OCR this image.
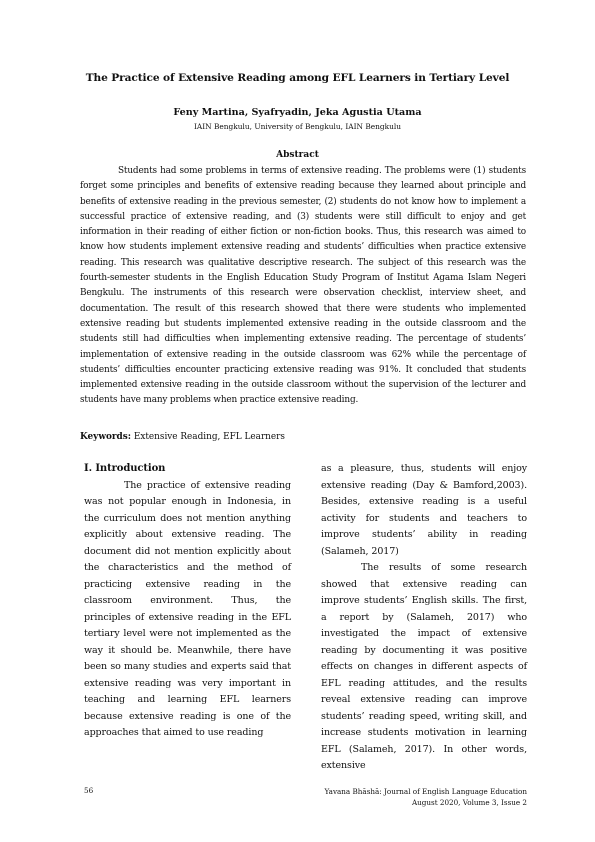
The Practice of Extensive Reading among EFL Learners in Tertiary Level
Feny Martina, Syafryadin, Jeka Agustia Utama
IAIN Bengkulu, University of Bengkulu, IAIN Bengkulu
Abstract

Students had some problems in terms of extensive reading. The problems were (1) students forget some principles and benefits of extensive reading because they learned about principle and benefits of extensive reading in the previous semester, (2) students do not know how to implement a successful practice of extensive reading, and (3) students were still difficult to enjoy and get information in their reading of either fiction or non-fiction books. Thus, this research was aimed to know how students implement extensive reading and students’ difficulties when practice extensive reading. This research was qualitative descriptive research. The subject of this research was the fourth-semester students in the English Education Study Program of Institut Agama Islam Negeri Bengkulu. The instruments of this research were observation checklist, interview sheet, and documentation. The result of this research showed that there were students who implemented extensive reading but students implemented extensive reading in the outside classroom and the students still had difficulties when implementing extensive reading. The percentage of students’ implementation of extensive reading in the outside classroom was 62% while the percentage of students’ difficulties encounter practicing extensive reading was 91%. It concluded that students implemented extensive reading in the outside classroom without the supervision of the lecturer and students have many problems when practice extensive reading.

Keywords: Extensive Reading, EFL Learners
I. Introduction

The practice of extensive reading was not popular enough in Indonesia, in the curriculum does not mention anything explicitly about extensive reading. The document did not mention explicitly about the characteristics and the method of practicing extensive reading in the classroom environment. Thus, the principles of extensive reading in the EFL tertiary level were not implemented as the way it should be. Meanwhile, there have been so many studies and experts said that extensive reading was very important in teaching and learning EFL learners because extensive reading is one of the approaches that aimed to use reading

as a pleasure, thus, students will enjoy extensive reading (Day & Bamford,2003). Besides, extensive reading is a useful activity for students and teachers to improve students’ ability in reading (Salameh, 2017)

The results of some research showed that extensive reading can improve students’ English skills. The first, a report by (Salameh, 2017) who investigated the impact of extensive reading by documenting it was positive effects on changes in different aspects of EFL reading attitudes, and the results reveal extensive reading can improve students’ reading speed, writing skill, and increase students motivation in learning EFL (Salameh, 2017). In other words, extensive

56	Yavana Bhāshā: Journal of English Language Education
August 2020, Volume 3, Issue 2
